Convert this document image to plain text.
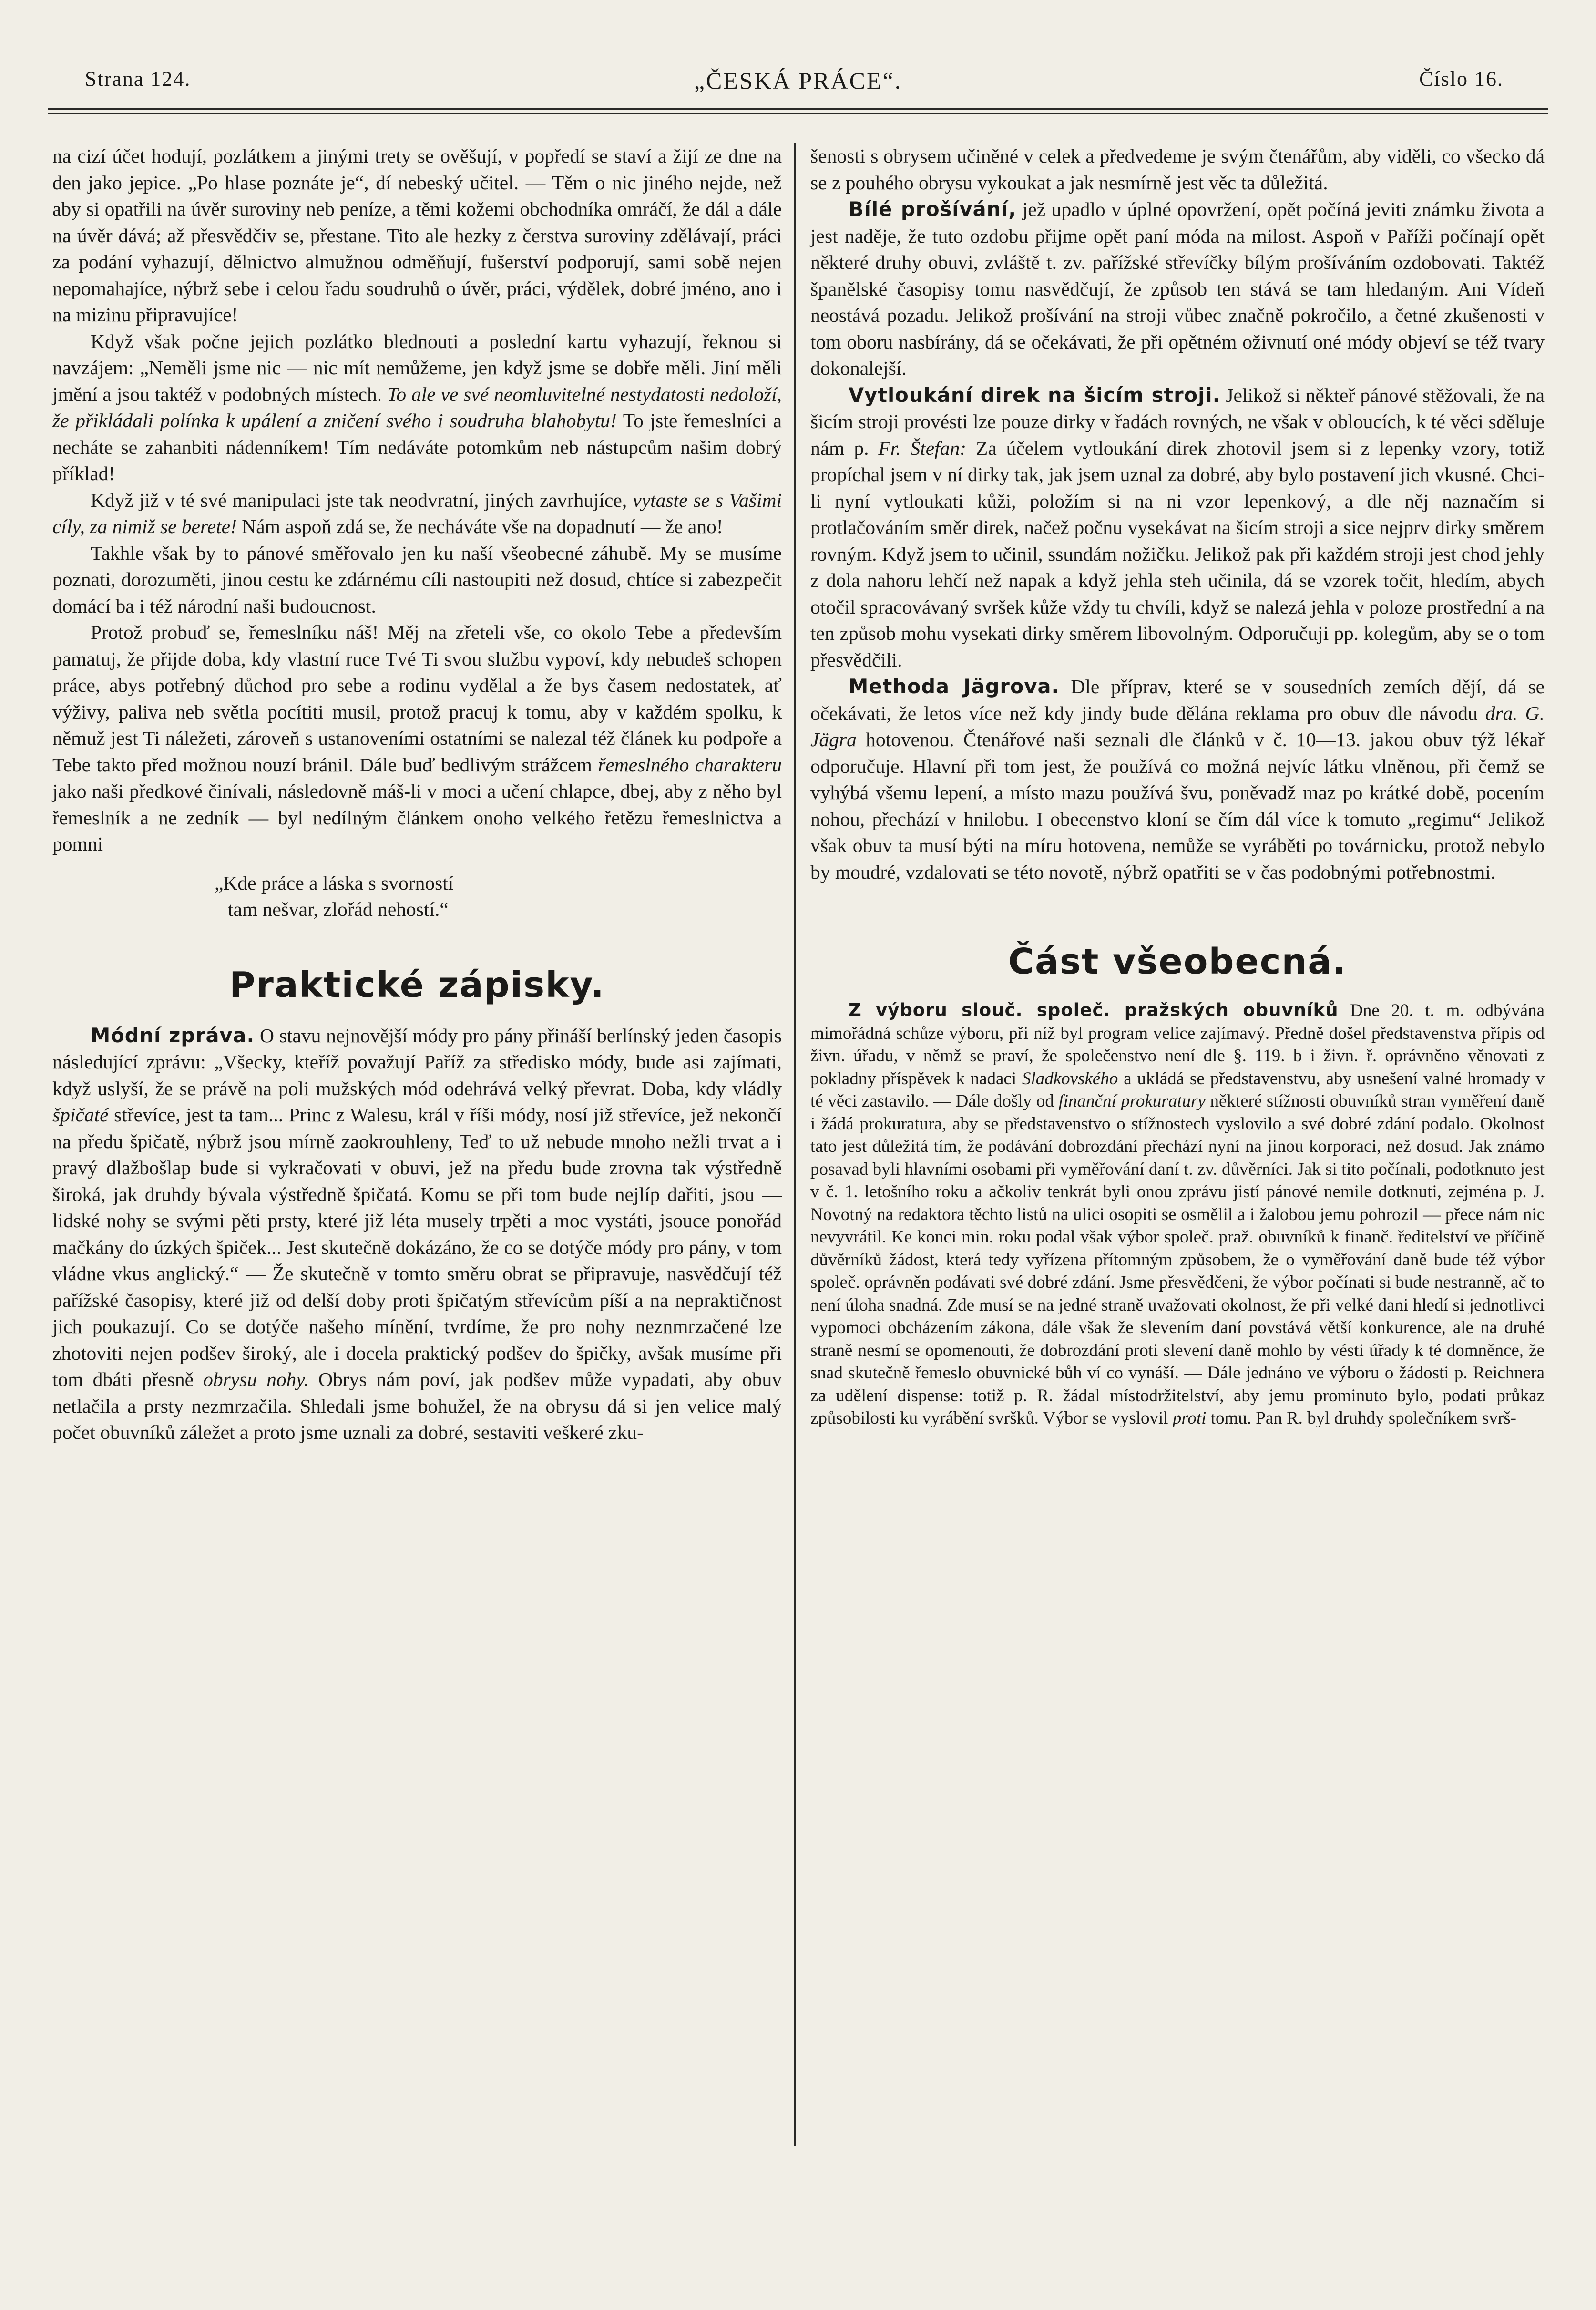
Strana 124.	„ČESKÁ PRÁCE“.	Číslo 16.

na cizí účet hodují, pozlátkem a jinými trety se ověšují, v popředí se staví a žijí ze dne na den jako jepice. „Po hlase poznáte je“, dí nebeský učitel. — Těm o nic jiného nejde, než aby si opatřili na úvěr suroviny neb peníze, a těmi kožemi obchodníka omráčí, že dál a dále na úvěr dává; až přesvědčiv se, přestane. Tito ale hezky z čerstva suroviny zdělávají, práci za podání vyhazují, dělnictvo almužnou odměňují, fušerství podporují, sami sobě nejen nepomahajíce, nýbrž sebe i celou řadu soudruhů o úvěr, práci, výdělek, dobré jméno, ano i na mizinu připravujíce!

Když však počne jejich pozlátko blednouti a poslední kartu vyhazují, řeknou si navzájem: „Neměli jsme nic — nic mít nemůžeme, jen když jsme se dobře měli. Jiní měli jmění a jsou taktéž v podobných místech. To ale ve své neomluvitelné nestydatosti nedoloží, že přikládali polínka k upálení a zničení svého i soudruha blahobytu! To jste řemeslníci a necháte se zahanbiti nádenníkem! Tím nedáváte potomkům neb nástupcům našim dobrý příklad!

Když již v té své manipulaci jste tak neodvratní, jiných zavrhujíce, vytaste se s Vašimi cíly, za nimiž se berete! Nám aspoň zdá se, že necháváte vše na dopadnutí — že ano!

Takhle však by to pánové směřovalo jen ku naší všeobecné záhubě. My se musíme poznati, dorozuměti, jinou cestu ke zdárnému cíli nastoupiti než dosud, chtíce si zabezpečit domácí ba i též národní naši budoucnost.

Protož probuď se, řemeslníku náš! Měj na zřeteli vše, co okolo Tebe a především pamatuj, že přijde doba, kdy vlastní ruce Tvé Ti svou službu vypoví, kdy nebudeš schopen práce, abys potřebný důchod pro sebe a rodinu vydělal a že bys časem nedostatek, ať výživy, paliva neb světla pocítiti musil, protož pracuj k tomu, aby v každém spolku, k němuž jest Ti náležeti, zároveň s ustanoveními ostatními se nalezal též článek ku podpoře a Tebe takto před možnou nouzí bránil. Dále buď bedlivým strážcem řemeslného charakteru jako naši předkové činívali, následovně máš-li v moci a učení chlapce, dbej, aby z něho byl řemeslník a ne zedník — byl nedílným článkem onoho velkého řetězu řemeslnictva a pomni

„Kde práce a láska s svorností
tam nešvar, zlořád nehostí.“
Praktické zápisky.

Módní zpráva. O stavu nejnovější módy pro pány přináší berlínský jeden časopis následující zprávu: „Všecky, kteříž považují Paříž za středisko módy, bude asi zajímati, když uslyší, že se právě na poli mužských mód odehrává velký převrat. Doba, kdy vládly špičaté střevíce, jest ta tam... Princ z Walesu, král v říši módy, nosí již střevíce, jež nekončí na předu špičatě, nýbrž jsou mírně zaokrouhleny, Teď to už nebude mnoho nežli trvat a i pravý dlažbošlap bude si vykračovati v obuvi, jež na předu bude zrovna tak výstředně široká, jak druhdy bývala výstředně špičatá. Komu se při tom bude nejlíp dařiti, jsou — lidské nohy se svými pěti prsty, které již léta musely trpěti a moc vystáti, jsouce ponořád mačkány do úzkých špiček... Jest skutečně dokázáno, že co se dotýče módy pro pány, v tom vládne vkus anglický.“ — Že skutečně v tomto směru obrat se připravuje, nasvědčují též pařížské časopisy, které již od delší doby proti špičatým střevícům píší a na nepraktičnost jich poukazují. Co se dotýče našeho mínění, tvrdíme, že pro nohy neznmrzačené lze zhotoviti nejen podšev široký, ale i docela praktický podšev do špičky, avšak musíme při tom dbáti přesně obrysu nohy. Obrys nám poví, jak podšev může vypadati, aby obuv netlačila a prsty nezmrzačila. Shledali jsme bohužel, že na obrysu dá si jen velice malý počet obuvníků záležet a proto jsme uznali za dobré, sestaviti veškeré zku-

šenosti s obrysem učiněné v celek a předvedeme je svým čtenářům, aby viděli, co všecko dá se z pouhého obrysu vykoukat a jak nesmírně jest věc ta důležitá.

Bílé prošívání, jež upadlo v úplné opovržení, opět počíná jeviti známku života a jest naděje, že tuto ozdobu přijme opět paní móda na milost. Aspoň v Paříži počínají opět některé druhy obuvi, zvláště t. zv. pařížské střevíčky bílým prošíváním ozdobovati. Taktéž španělské časopisy tomu nasvědčují, že způsob ten stává se tam hledaným. Ani Vídeň neostává pozadu. Jelikož prošívání na stroji vůbec značně pokročilo, a četné zkušenosti v tom oboru nasbírány, dá se očekávati, že při opětném oživnutí oné módy objeví se též tvary dokonalejší.

Vytloukání direk na šicím stroji. Jelikož si někteř pánové stěžovali, že na šicím stroji provésti lze pouze dirky v řadách rovných, ne však v obloucích, k té věci sděluje nám p. Fr. Štefan: Za účelem vytloukání direk zhotovil jsem si z lepenky vzory, totiž propíchal jsem v ní dirky tak, jak jsem uznal za dobré, aby bylo postavení jich vkusné. Chci-li nyní vytloukati kůži, položím si na ni vzor lepenkový, a dle něj naznačím si protlačováním směr direk, načež počnu vysekávat na šicím stroji a sice nejprv dirky směrem rovným. Když jsem to učinil, ssundám nožičku. Jelikož pak při každém stroji jest chod jehly z dola nahoru lehčí než napak a když jehla steh učinila, dá se vzorek točit, hledím, abych otočil spracovávaný svršek kůže vždy tu chvíli, když se nalezá jehla v poloze prostřední a na ten způsob mohu vysekati dirky směrem libovolným. Odporučuji pp. kolegům, aby se o tom přesvědčili.

Methoda Jägrova. Dle příprav, které se v sousedních zemích dějí, dá se očekávati, že letos více než kdy jindy bude dělána reklama pro obuv dle návodu dra. G. Jägra hotovenou. Čtenářové naši seznali dle článků v č. 10—13. jakou obuv týž lékař odporučuje. Hlavní při tom jest, že používá co možná nejvíc látku vlněnou, při čemž se vyhýbá všemu lepení, a místo mazu používá švu, poněvadž maz po krátké době, pocením nohou, přechází v hnilobu. I obecenstvo kloní se čím dál více k tomuto „regimu“ Jelikož však obuv ta musí býti na míru hotovena, nemůže se vyráběti po továrnicku, protož nebylo by moudré, vzdalovati se této novotě, nýbrž opatřiti se v čas podobnými potřebnostmi.

Část všeobecná.

Z výboru slouč. společ. pražských obuvníků Dne 20. t. m. odbývána mimořádná schůze výboru, při níž byl program velice zajímavý. Předně došel představenstva přípis od živn. úřadu, v němž se praví, že společenstvo není dle §. 119. b i živn. ř. oprávněno věnovati z pokladny příspěvek k nadaci Sladkovského a ukládá se představenstvu, aby usnešení valné hromady v té věci zastavilo. — Dále došly od finanční prokuratury některé stížnosti obuvníků stran vyměření daně i žádá prokuratura, aby se představenstvo o stížnostech vyslovilo a své dobré zdání podalo. Okolnost tato jest důležitá tím, že podávání dobrozdání přechází nyní na jinou korporaci, než dosud. Jak známo posavad byli hlavními osobami při vyměřování daní t. zv. důvěrníci. Jak si tito počínali, podotknuto jest v č. 1. letošního roku a ačkoliv tenkrát byli onou zprávu jistí pánové nemile dotknuti, zejména p. J. Novotný na redaktora těchto listů na ulici osopiti se osmělil a i žalobou jemu pohrozil — přece nám nic nevyvrátil. Ke konci min. roku podal však výbor společ. praž. obuvníků k finanč. ředitelství ve příčině důvěrníků žádost, která tedy vyřízena přítomným způsobem, že o vyměřování daně bude též výbor společ. oprávněn podávati své dobré zdání. Jsme přesvědčeni, že výbor počínati si bude nestranně, ač to není úloha snadná. Zde musí se na jedné straně uvažovati okolnost, že při velké dani hledí si jednotlivci vypomoci obcházením zákona, dále však že slevením daní povstává větší konkurence, ale na druhé straně nesmí se opomenouti, že dobrozdání proti slevení daně mohlo by vésti úřady k té domněnce, že snad skutečně řemeslo obuvnické bůh ví co vynáší. — Dále jednáno ve výboru o žádosti p. Reichnera za udělení dispense: totiž p. R. žádal místodržitelství, aby jemu prominuto bylo, podati průkaz způsobilosti ku vyrábění svršků. Výbor se vyslovil proti tomu. Pan R. byl druhdy společníkem svrš-
